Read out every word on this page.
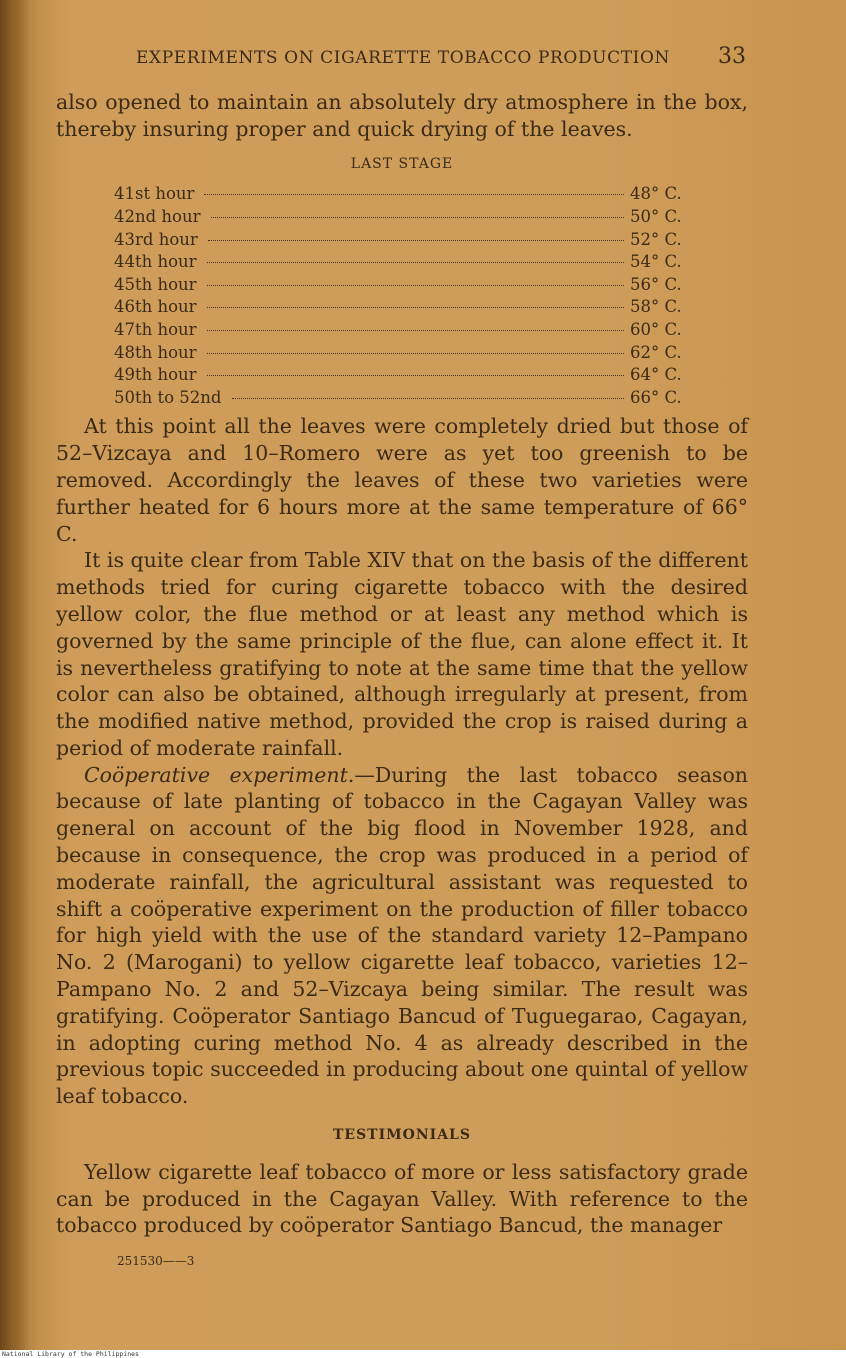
EXPERIMENTS ON CIGARETTE TOBACCO PRODUCTION 33

also opened to maintain an absolutely dry atmosphere in the box, thereby insuring proper and quick drying of the leaves.

LAST STAGE
41st hour	48° C.
42nd hour	50° C.
43rd hour	52° C.
44th hour	54° C.
45th hour	56° C.
46th hour	58° C.
47th hour	60° C.
48th hour	62° C.
49th hour	64° C.
50th to 52nd	66° C.

At this point all the leaves were completely dried but those of 52–Vizcaya and 10–Romero were as yet too greenish to be removed. Accordingly the leaves of these two varieties were further heated for 6 hours more at the same temperature of 66° C.

It is quite clear from Table XIV that on the basis of the different methods tried for curing cigarette tobacco with the desired yellow color, the flue method or at least any method which is governed by the same principle of the flue, can alone effect it. It is nevertheless gratifying to note at the same time that the yellow color can also be obtained, although irregularly at present, from the modified native method, provided the crop is raised during a period of moderate rainfall.

Coöperative experiment.—During the last tobacco season because of late planting of tobacco in the Cagayan Valley was general on account of the big flood in November 1928, and because in consequence, the crop was produced in a period of moderate rainfall, the agricultural assistant was requested to shift a coöperative experiment on the production of filler tobacco for high yield with the use of the standard variety 12–Pampano No. 2 (Marogani) to yellow cigarette leaf tobacco, varieties 12–Pampano No. 2 and 52–Vizcaya being similar. The result was gratifying. Coöperator Santiago Bancud of Tuguegarao, Cagayan, in adopting curing method No. 4 as already described in the previous topic succeeded in producing about one quintal of yellow leaf tobacco.

TESTIMONIALS

Yellow cigarette leaf tobacco of more or less satisfactory grade can be produced in the Cagayan Valley. With reference to the tobacco produced by coöperator Santiago Bancud, the manager

251530——3
National Library of the Philippines
